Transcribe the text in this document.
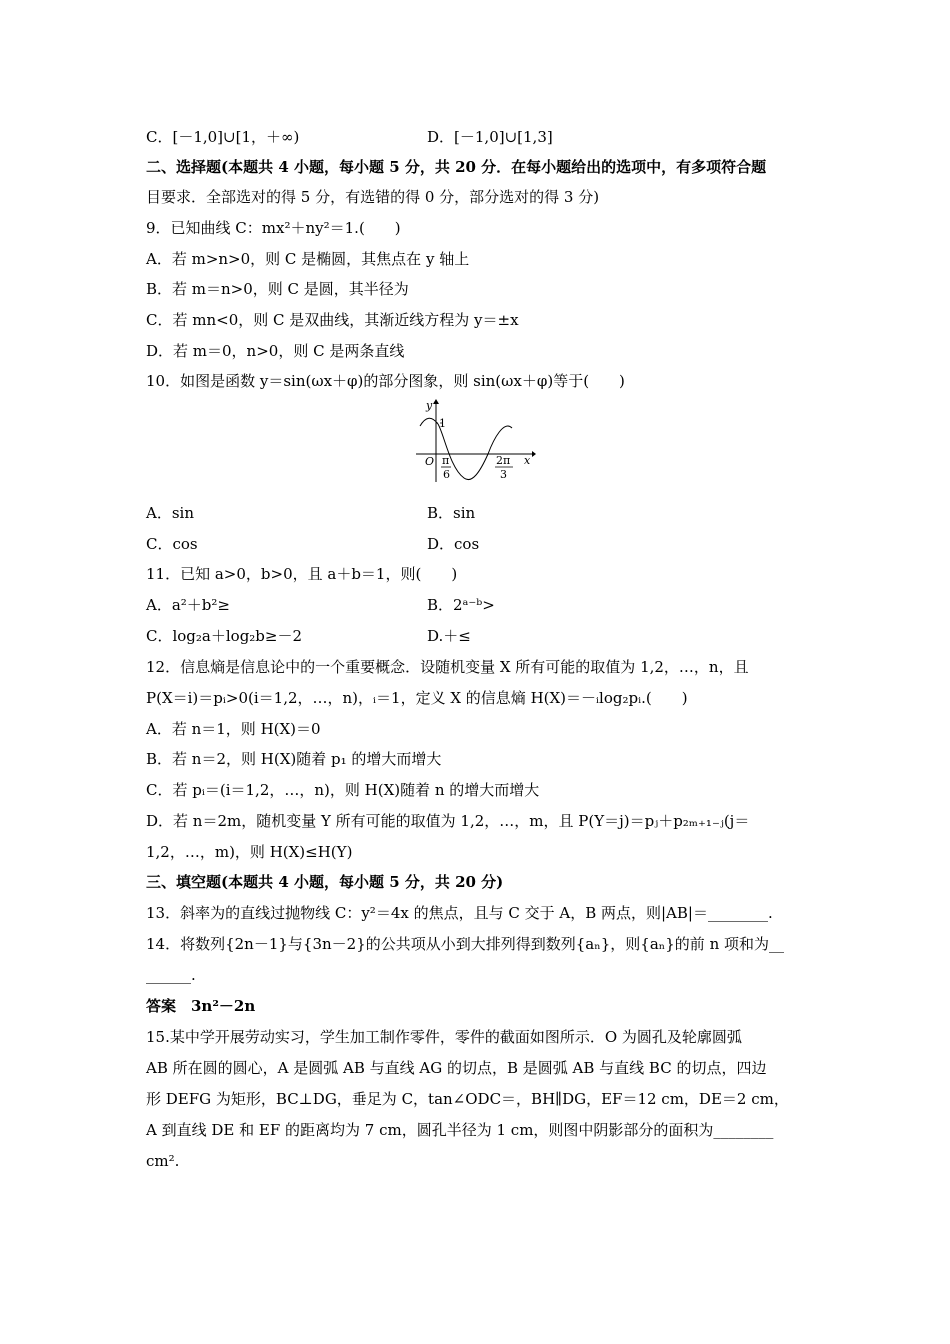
C．[－1,0]∪[1，＋∞)	D．[－1,0]∪[1,3]
二、选择题(本题共 4 小题，每小题 5 分，共 20 分．在每小题给出的选项中，有多项符合题
目要求．全部选对的得 5 分，有选错的得 0 分，部分选对的得 3 分)
9．已知曲线 C：mx²＋ny²＝1.(　　)
A．若 m>n>0，则 C 是椭圆，其焦点在 y 轴上
B．若 m＝n>0，则 C 是圆，其半径为
C．若 mn<0，则 C 是双曲线，其渐近线方程为 y＝±x
D．若 m＝0，n>0，则 C 是两条直线
10．如图是函数 y＝sin(ωx＋φ)的部分图象，则 sin(ωx＋φ)等于(　　)
y
x
O
1
π
6
2π
3
A．sin	B．sin
C．cos	D．cos
11．已知 a>0，b>0，且 a＋b＝1，则(　　)
A．a²＋b²≥	B．2ᵃ⁻ᵇ>
C．log₂a＋log₂b≥－2	D.＋≤
12．信息熵是信息论中的一个重要概念．设随机变量 X 所有可能的取值为 1,2，…，n，且
P(X＝i)＝pᵢ>0(i＝1,2，…，n)，ᵢ＝1，定义 X 的信息熵 H(X)＝－ᵢlog₂pᵢ.(　　)
A．若 n＝1，则 H(X)＝0
B．若 n＝2，则 H(X)随着 p₁ 的增大而增大
C．若 pᵢ＝(i＝1,2，…，n)，则 H(X)随着 n 的增大而增大
D．若 n＝2m，随机变量 Y 所有可能的取值为 1,2，…，m，且 P(Y＝j)＝pⱼ＋p₂ₘ₊₁₋ⱼ(j＝
1,2，…，m)，则 H(X)≤H(Y)
三、填空题(本题共 4 小题，每小题 5 分，共 20 分)
13．斜率为的直线过抛物线 C：y²＝4x 的焦点，且与 C 交于 A，B 两点，则|AB|＝________.
14．将数列{2n－1}与{3n－2}的公共项从小到大排列得到数列{aₙ}，则{aₙ}的前 n 项和为__
______.
答案　3n²－2n
15.某中学开展劳动实习，学生加工制作零件，零件的截面如图所示．O 为圆孔及轮廓圆弧
AB 所在圆的圆心，A 是圆弧 AB 与直线 AG 的切点，B 是圆弧 AB 与直线 BC 的切点，四边
形 DEFG 为矩形，BC⊥DG，垂足为 C，tan∠ODC＝，BH∥DG，EF＝12 cm，DE＝2 cm，
A 到直线 DE 和 EF 的距离均为 7 cm，圆孔半径为 1 cm，则图中阴影部分的面积为________
cm².
